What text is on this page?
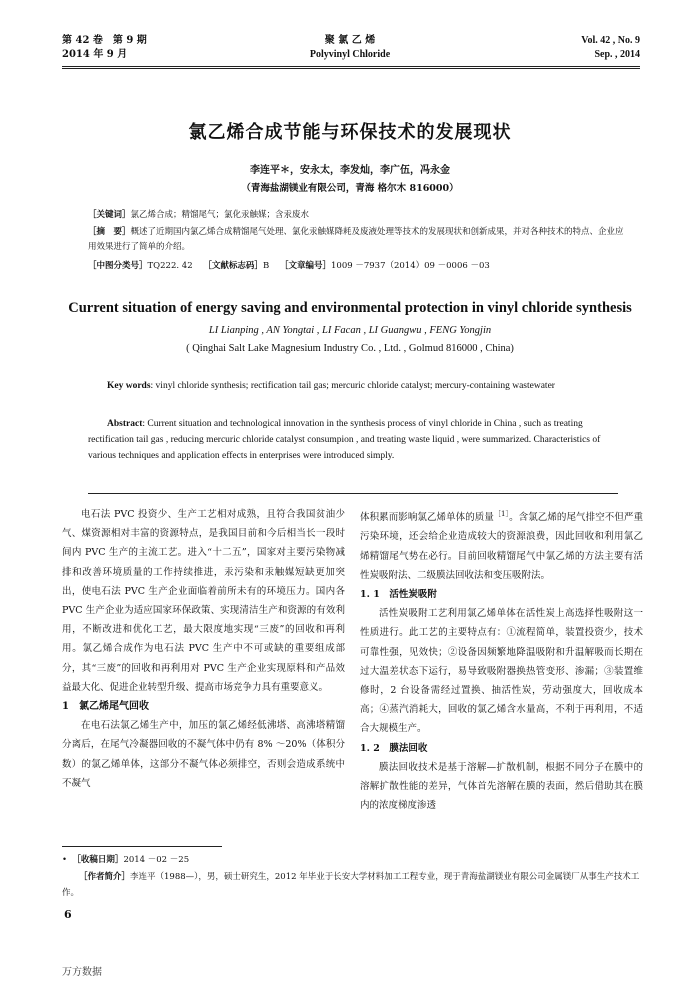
第 42 卷　第 9 期
2014 年 9 月
聚 氯 乙 烯
Polyvinyl Chloride
Vol. 42 , No. 9
Sep. , 2014
氯乙烯合成节能与环保技术的发展现状
李连平＊，安永太，李发灿，李广伍，冯永金
（青海盐湖镁业有限公司，青海 格尔木 816000）
［关键词］氯乙烯合成；精馏尾气；氯化汞触媒；含汞废水
［摘　要］概述了近期国内氯乙烯合成精馏尾气处理、氯化汞触媒降耗及废液处理等技术的发展现状和创新成果，并对各种技术的特点、企业应用效果进行了简单的介绍。
［中图分类号］TQ222. 42 ［文献标志码］B ［文章编号］1009 －7937（2014）09 －0006 －03
Current situation of energy saving and environmental protection in vinyl chloride synthesis
LI Lianping , AN Yongtai , LI Facan , LI Guangwu , FENG Yongjin
( Qinghai Salt Lake Magnesium Industry Co. , Ltd. , Golmud 816000 , China)
Key words: vinyl chloride synthesis; rectification tail gas; mercuric chloride catalyst; mercury-containing wastewater
Abstract: Current situation and technological innovation in the synthesis process of vinyl chloride in China , such as treating rectification tail gas , reducing mercuric chloride catalyst consumpion , and treating waste liquid , were summarized. Characteristics of various techniques and application effects in enterprises were introduced simply.

电石法 PVC 投资少、生产工艺相对成熟，且符合我国贫油少气、煤资源相对丰富的资源特点，是我国目前和今后相当长一段时间内 PVC 生产的主流工艺。进入“十二五”，国家对主要污染物减排和改善环境质量的工作持续推进，汞污染和汞触媒短缺更加突出，使电石法 PVC 生产企业面临着前所未有的环境压力。国内各 PVC 生产企业为适应国家环保政策、实现清洁生产和资源的有效利用，不断改进和优化工艺，最大限度地实现“三废”的回收和再利用。氯乙烯合成作为电石法 PVC 生产中不可或缺的重要组成部分，其“三废”的回收和再利用对 PVC 生产企业实现原料和产品效益最大化、促进企业转型升级、提高市场竞争力具有重要意义。

1　氯乙烯尾气回收

在电石法氯乙烯生产中，加压的氯乙烯经低沸塔、高沸塔精馏分离后，在尾气冷凝器回收的不凝气体中仍有 8% ～20%（体积分数）的氯乙烯单体，这部分不凝气体必须排空，否则会造成系统中不凝气

体积累而影响氯乙烯单体的质量$^{[1]}$。含氯乙烯的尾气排空不但严重污染环境，还会给企业造成较大的资源浪费，因此回收和利用氯乙烯精馏尾气势在必行。目前回收精馏尾气中氯乙烯的方法主要有活性炭吸附法、二级膜法回收法和变压吸附法。

1. 1　活性炭吸附

活性炭吸附工艺利用氯乙烯单体在活性炭上高选择性吸附这一性质进行。此工艺的主要特点有：①流程简单，装置投资少，技术可靠性强，见效快；②设备因频繁地降温吸附和升温解吸而长期在过大温差状态下运行，易导致吸附器换热管变形、渗漏；③装置维修时，2 台设备需经过置换、抽活性炭，劳动强度大，回收成本高；④蒸汽消耗大，回收的氯乙烯含水量高，不利于再利用，不适合大规模生产。

1. 2　膜法回收

膜法回收技术是基于溶解—扩散机制，根据不同分子在膜中的溶解扩散性能的差异，气体首先溶解在膜的表面，然后借助其在膜内的浓度梯度渗透

•  ［收稿日期］2014 －02 －25
［作者简介］李连平（1988—），男，硕士研究生，2012 年毕业于长安大学材料加工工程专业，现于青海盐湖镁业有限公司金属镁厂从事生产技术工作。
6
万方数据
